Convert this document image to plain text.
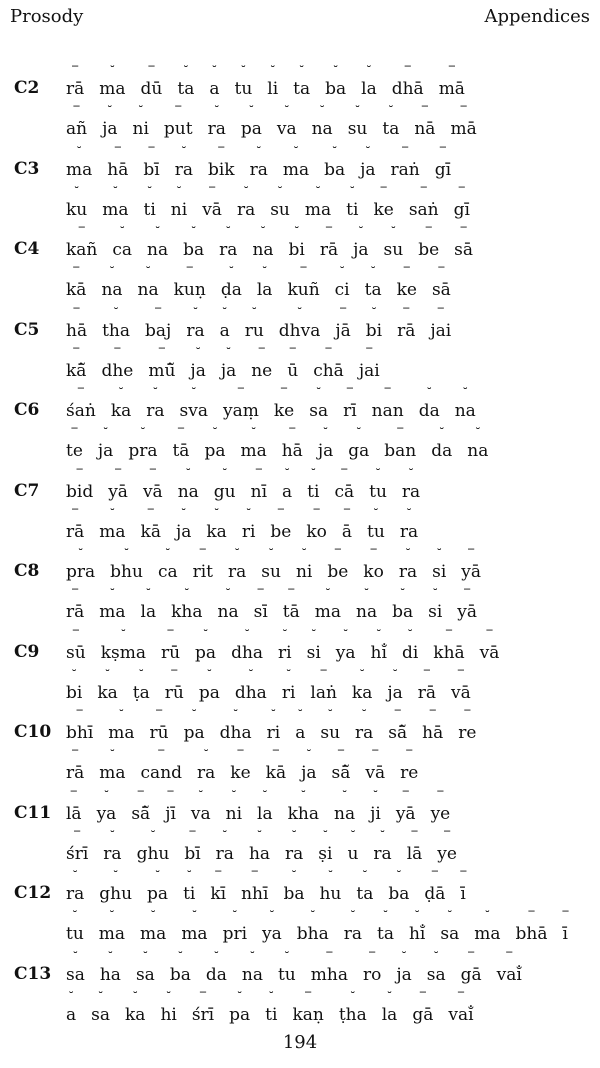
Prosody	Appendices
C2
‾
rā
˘
ma
‾
dū
˘
ta
˘
a
˘
tu
˘
li
˘
ta
˘
ba
˘
la
‾
dhā
‾
mā
‾
añ
˘
ja
˘
ni
‾
put
˘
ra
˘
pa
˘
va
˘
na
˘
su
˘
ta
‾
nā
‾
mā
C3
˘
ma
‾
hā
‾
bī
˘
ra
‾
bik
˘
ra
˘
ma
˘
ba
˘
ja
‾
raṅ
‾
gī
˘
ku
˘
ma
˘
ti
˘
ni
‾
vā
˘
ra
˘
su
˘
ma
˘
ti
‾
ke
‾
saṅ
‾
gī
C4
‾
kañ
˘
ca
˘
na
˘
ba
˘
ra
˘
na
˘
bi
‾
rā
˘
ja
˘
su
‾
be
‾
sā
‾
kā
˘
na
˘
na
‾
kuṇ
˘
ḍa
˘
la
‾
kuñ
˘
ci
˘
ta
‾
ke
‾
sā
C5
‾
hā
˘
tha
‾
baj
˘
ra
˘
a
˘
ru
˘
dhva
‾
jā
˘
bi
‾
rā
‾
jai
‾
kā̃
‾
dhe
‾
mū̃
˘
ja
˘
ja
‾
ne
‾
ū
‾
chā
‾
jai
C6
‾
śaṅ
˘
ka
˘
ra
˘
sva
‾
yaṃ
‾
ke
˘
sa
‾
rī
‾
nan
˘
da
˘
na
‾
te
˘
ja
˘
pra
‾
tā
˘
pa
˘
ma
‾
hā
˘
ja
˘
ga
‾
ban
˘
da
˘
na
C7
‾
bid
‾
yā
‾
vā
˘
na
˘
gu
‾
nī
˘
a
˘
ti
‾
cā
˘
tu
˘
ra
‾
rā
˘
ma
‾
kā
˘
ja
˘
ka
˘
ri
‾
be
‾
ko
‾
ā
˘
tu
˘
ra
C8
˘
pra
˘
bhu
˘
ca
‾
rit
˘
ra
˘
su
˘
ni
‾
be
‾
ko
˘
ra
˘
si
‾
yā
‾
rā
˘
ma
˘
la
˘
kha
˘
na
‾
sī
‾
tā
˘
ma
˘
na
˘
ba
˘
si
‾
yā
C9
‾
sū
˘
kṣma
‾
rū
˘
pa
˘
dha
˘
ri
˘
si
˘
ya
˘
hi̐
˘
di
‾
khā
‾
vā
˘
bi
˘
ka
˘
ṭa
‾
rū
˘
pa
˘
dha
˘
ri
‾
laṅ
˘
ka
˘
ja
‾
rā
‾
vā
C10
‾
bhī
˘
ma
‾
rū
˘
pa
˘
dha
˘
ri
˘
a
˘
su
˘
ra
‾
sā̃
‾
hā
‾
re
‾
rā
˘
ma
‾
cand
˘
ra
‾
ke
‾
kā
˘
ja
‾
sā̃
‾
vā
‾
re
C11
‾
lā
˘
ya
‾
sā̃
‾
jī
˘
va
˘
ni
˘
la
˘
kha
˘
na
˘
ji
‾
yā
‾
ye
‾
śrī
˘
ra
˘
ghu
‾
bī
˘
ra
˘
ha
˘
ra
˘
ṣi
˘
u
˘
ra
‾
lā
‾
ye
C12
˘
ra
˘
ghu
˘
pa
˘
ti
‾
kī
‾
nhī
˘
ba
˘
hu
˘
ta
˘
ba
‾
ḍā
‾
ī
˘
tu
˘
ma
˘
ma
˘
ma
˘
pri
˘
ya
˘
bha
˘
ra
˘
ta
˘
hi̐
˘
sa
˘
ma
‾
bhā
‾
ī
C13
˘
sa
˘
ha
˘
sa
˘
ba
˘
da
˘
na
˘
tu
‾
mha
‾
ro
˘
ja
˘
sa
‾
gā
‾
vai̐
˘
a
˘
sa
˘
ka
˘
hi
‾
śrī
˘
pa
˘
ti
‾
kaṇ
˘
ṭha
˘
la
‾
gā
‾
vai̐
194
